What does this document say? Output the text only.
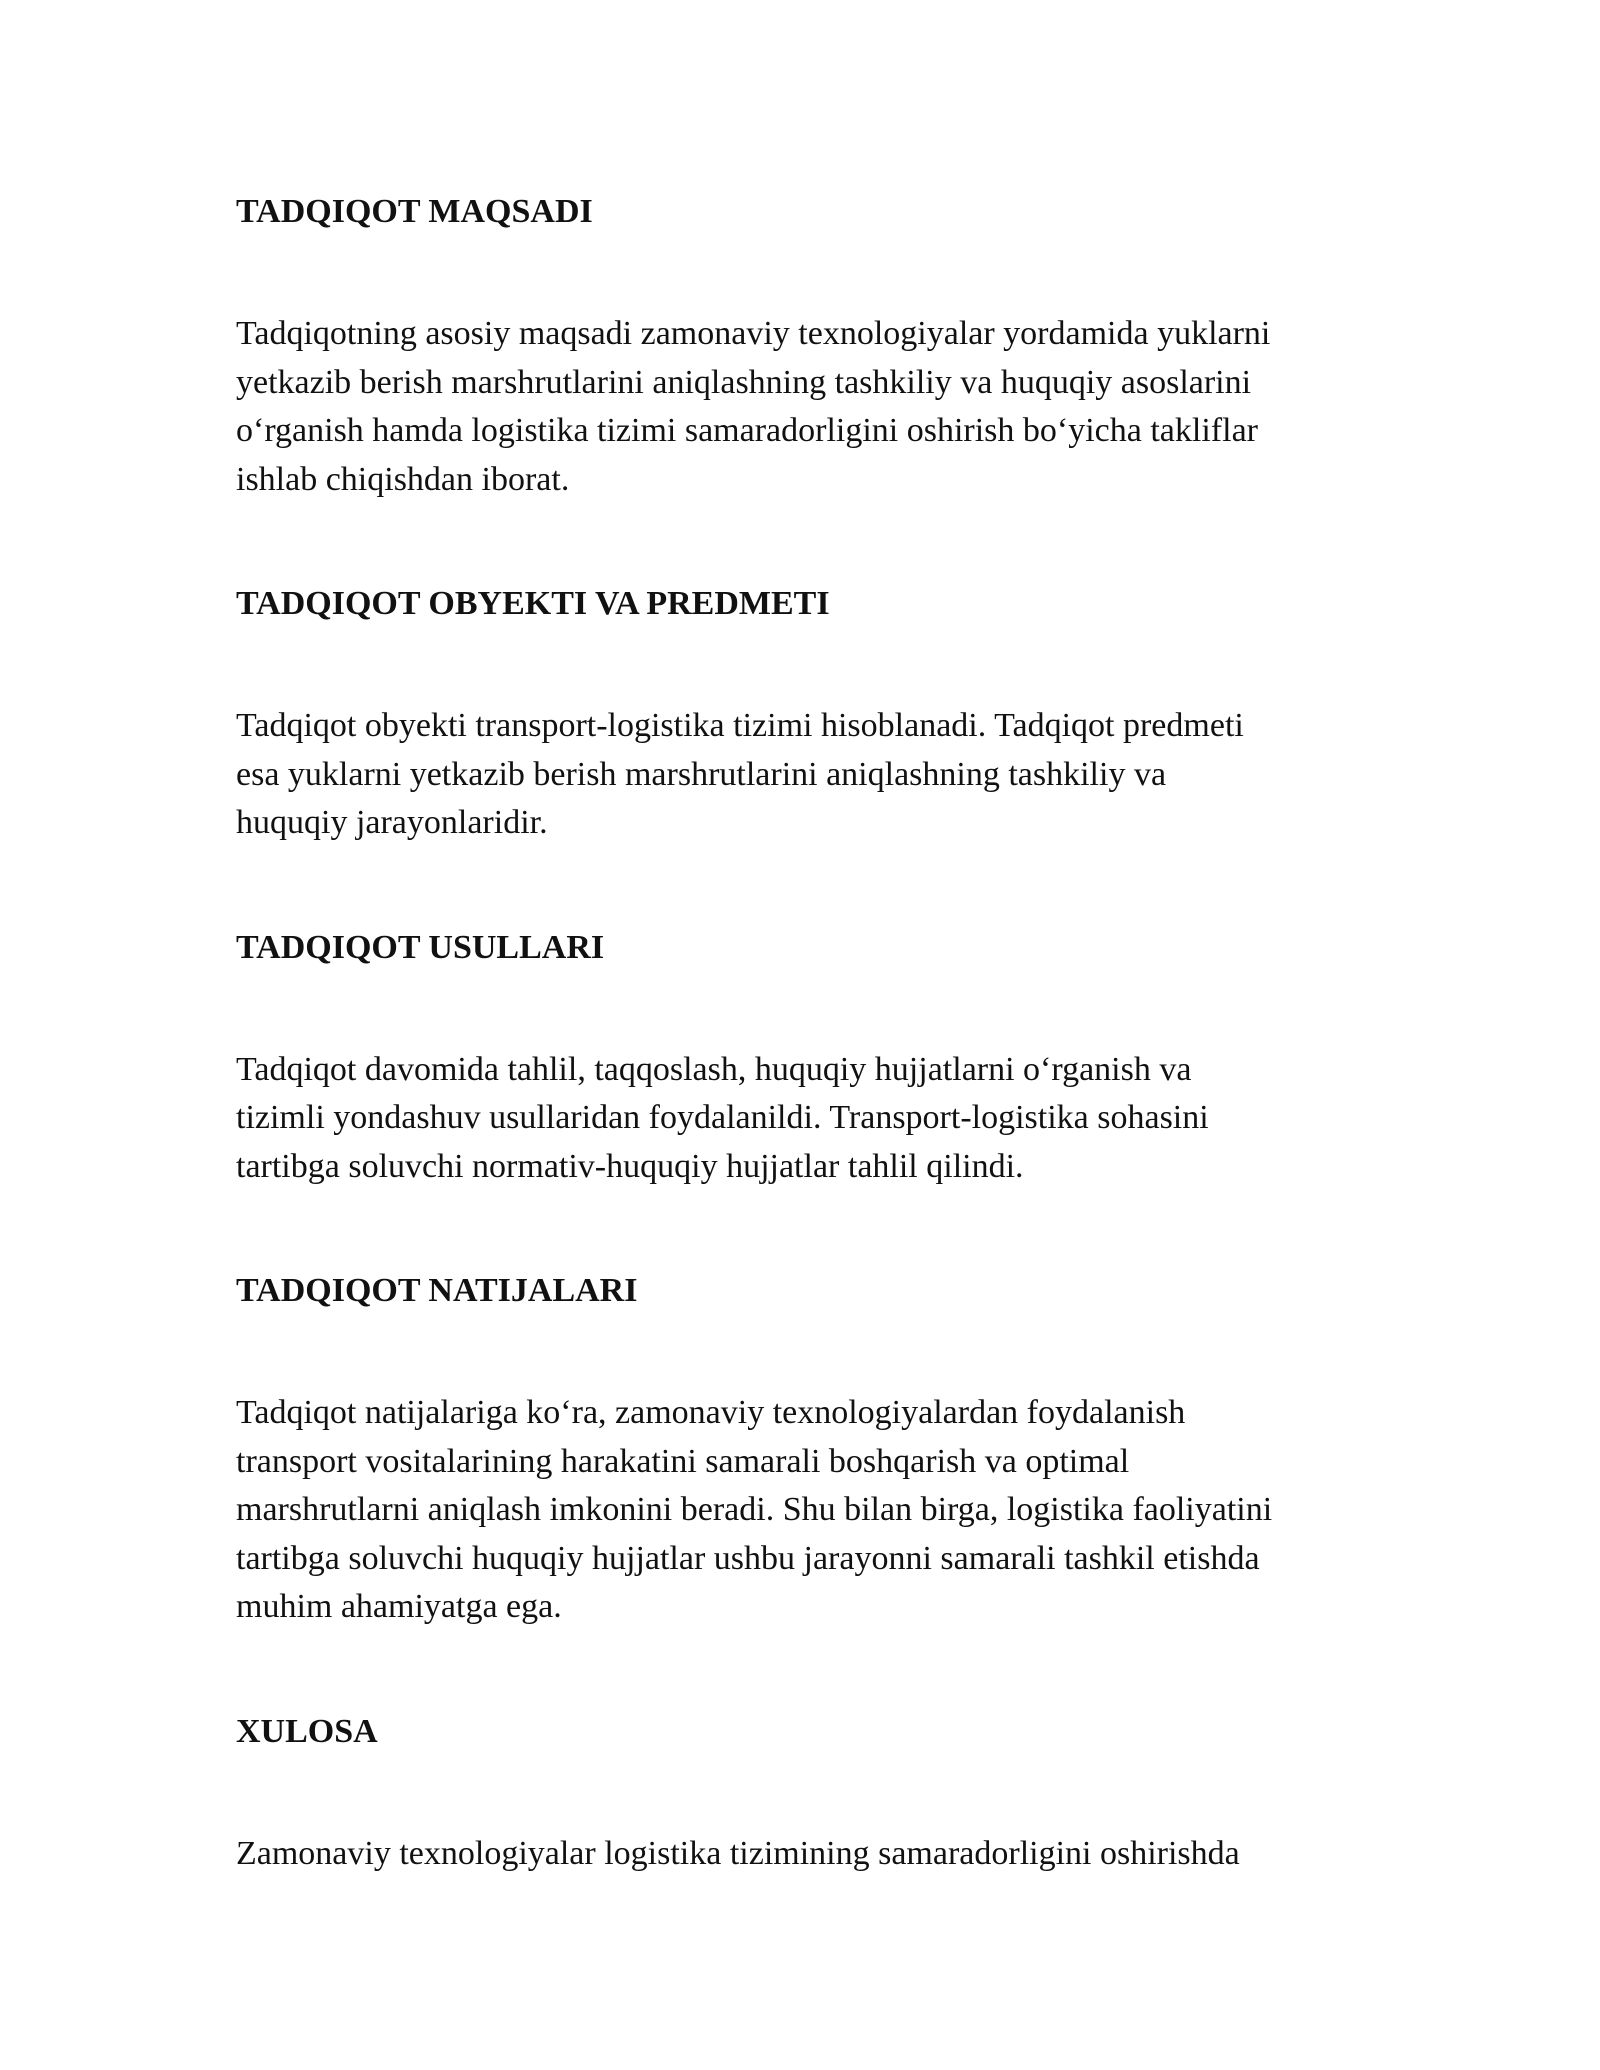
TADQIQOT MAQSADI
Tadqiqotning asosiy maqsadi zamonaviy texnologiyalar yordamida yuklarni
yetkazib berish marshrutlarini aniqlashning tashkiliy va huquqiy asoslarini
o‘rganish hamda logistika tizimi samaradorligini oshirish bo‘yicha takliflar
ishlab chiqishdan iborat.
TADQIQOT OBYEKTI VA PREDMETI
Tadqiqot obyekti transport-logistika tizimi hisoblanadi. Tadqiqot predmeti
esa yuklarni yetkazib berish marshrutlarini aniqlashning tashkiliy va
huquqiy jarayonlaridir.
TADQIQOT USULLARI
Tadqiqot davomida tahlil, taqqoslash, huquqiy hujjatlarni o‘rganish va
tizimli yondashuv usullaridan foydalanildi. Transport-logistika sohasini
tartibga soluvchi normativ-huquqiy hujjatlar tahlil qilindi.
TADQIQOT NATIJALARI
Tadqiqot natijalariga ko‘ra, zamonaviy texnologiyalardan foydalanish
transport vositalarining harakatini samarali boshqarish va optimal
marshrutlarni aniqlash imkonini beradi. Shu bilan birga, logistika faoliyatini
tartibga soluvchi huquqiy hujjatlar ushbu jarayonni samarali tashkil etishda
muhim ahamiyatga ega.
XULOSA
Zamonaviy texnologiyalar logistika tizimining samaradorligini oshirishda
